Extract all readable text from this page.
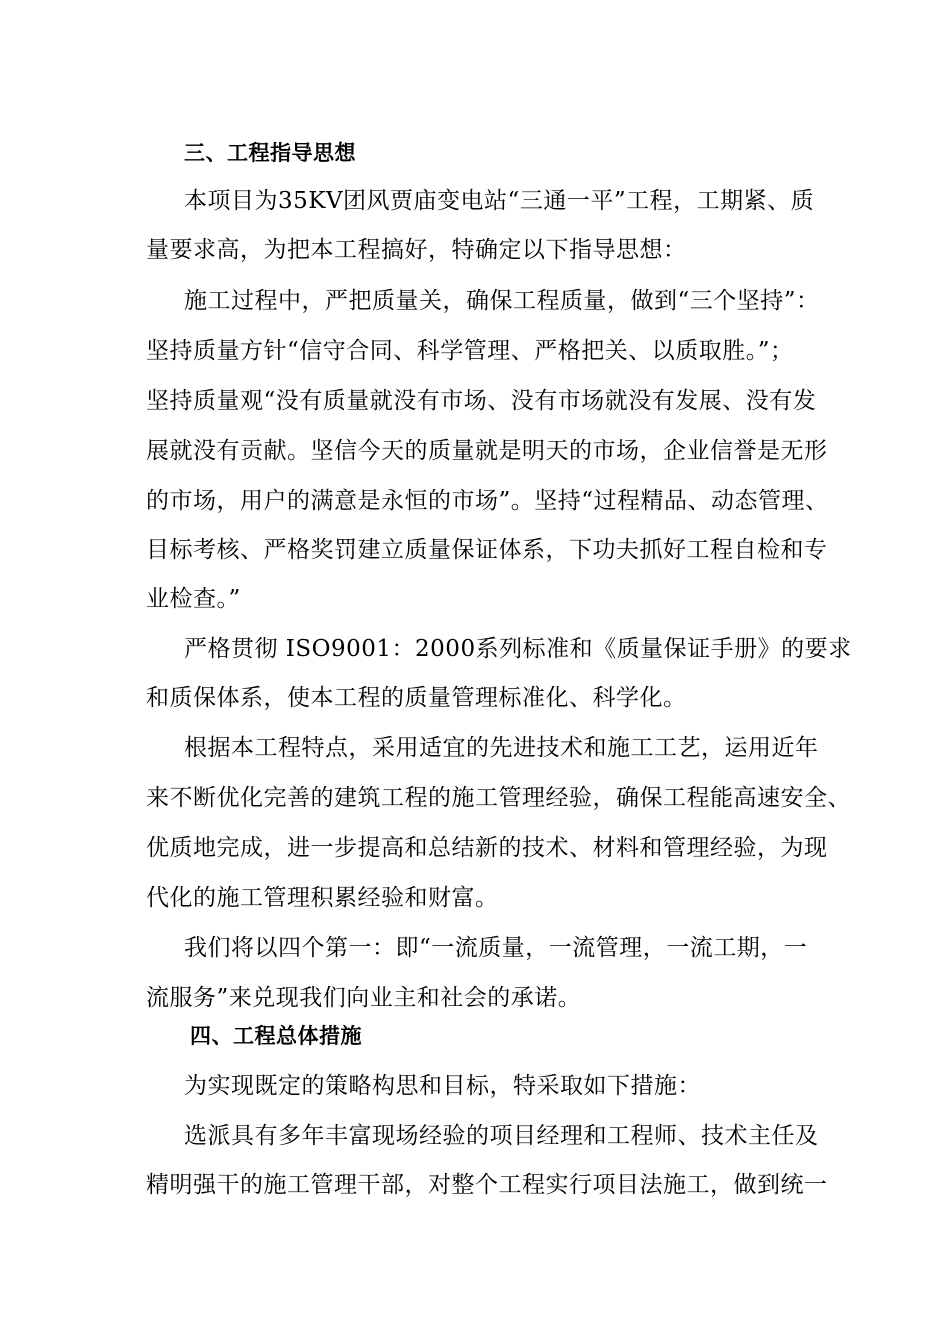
三、工程指导思想
本项目为35KV团风贾庙变电站“三通一平”工程，工期紧、质
量要求高，为把本工程搞好，特确定以下指导思想：
施工过程中，严把质量关，确保工程质量，做到“三个坚持”：
坚持质量方针“信守合同、科学管理、严格把关、以质取胜。”；
坚持质量观“没有质量就没有市场、没有市场就没有发展、没有发
展就没有贡献。坚信今天的质量就是明天的市场，企业信誉是无形
的市场，用户的满意是永恒的市场”。坚持“过程精品、动态管理、
目标考核、严格奖罚建立质量保证体系，下功夫抓好工程自检和专
业检查。”
严格贯彻 ISO9001：2000系列标准和《质量保证手册》的要求
和质保体系，使本工程的质量管理标准化、科学化。
根据本工程特点，采用适宜的先进技术和施工工艺，运用近年
来不断优化完善的建筑工程的施工管理经验，确保工程能高速安全、
优质地完成，进一步提高和总结新的技术、材料和管理经验，为现
代化的施工管理积累经验和财富。
我们将以四个第一：即“一流质量，一流管理，一流工期，一
流服务”来兑现我们向业主和社会的承诺。
四、工程总体措施
为实现既定的策略构思和目标，特采取如下措施：
选派具有多年丰富现场经验的项目经理和工程师、技术主任及
精明强干的施工管理干部，对整个工程实行项目法施工，做到统一
